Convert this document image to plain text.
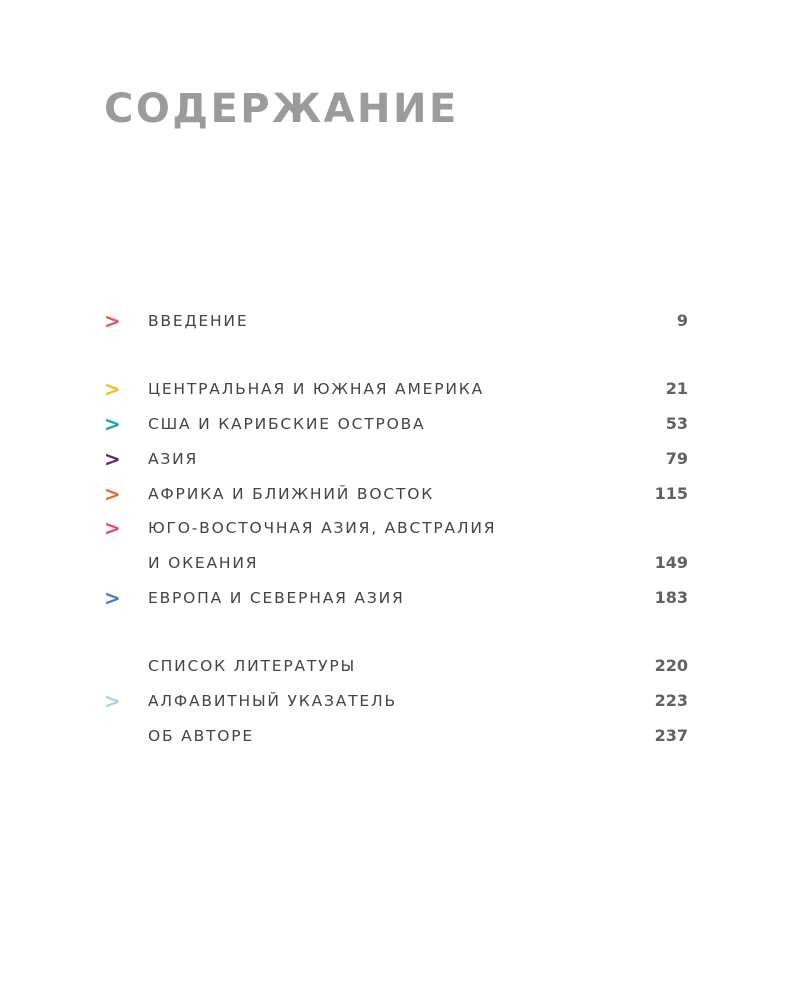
СОДЕРЖАНИЕ
> ВВЕДЕНИЕ	9
> ЦЕНТРАЛЬНАЯ И ЮЖНАЯ АМЕРИКА	21
> США И КАРИБСКИЕ ОСТРОВА	53
> АЗИЯ	79
> АФРИКА И БЛИЖНИЙ ВОСТОК	115
> ЮГО-ВОСТОЧНАЯ АЗИЯ, АВСТРАЛИЯ
И ОКЕАНИЯ	149
> ЕВРОПА И СЕВЕРНАЯ АЗИЯ	183
СПИСОК ЛИТЕРАТУРЫ	220
> АЛФАВИТНЫЙ УКАЗАТЕЛЬ	223
ОБ АВТОРЕ	237
